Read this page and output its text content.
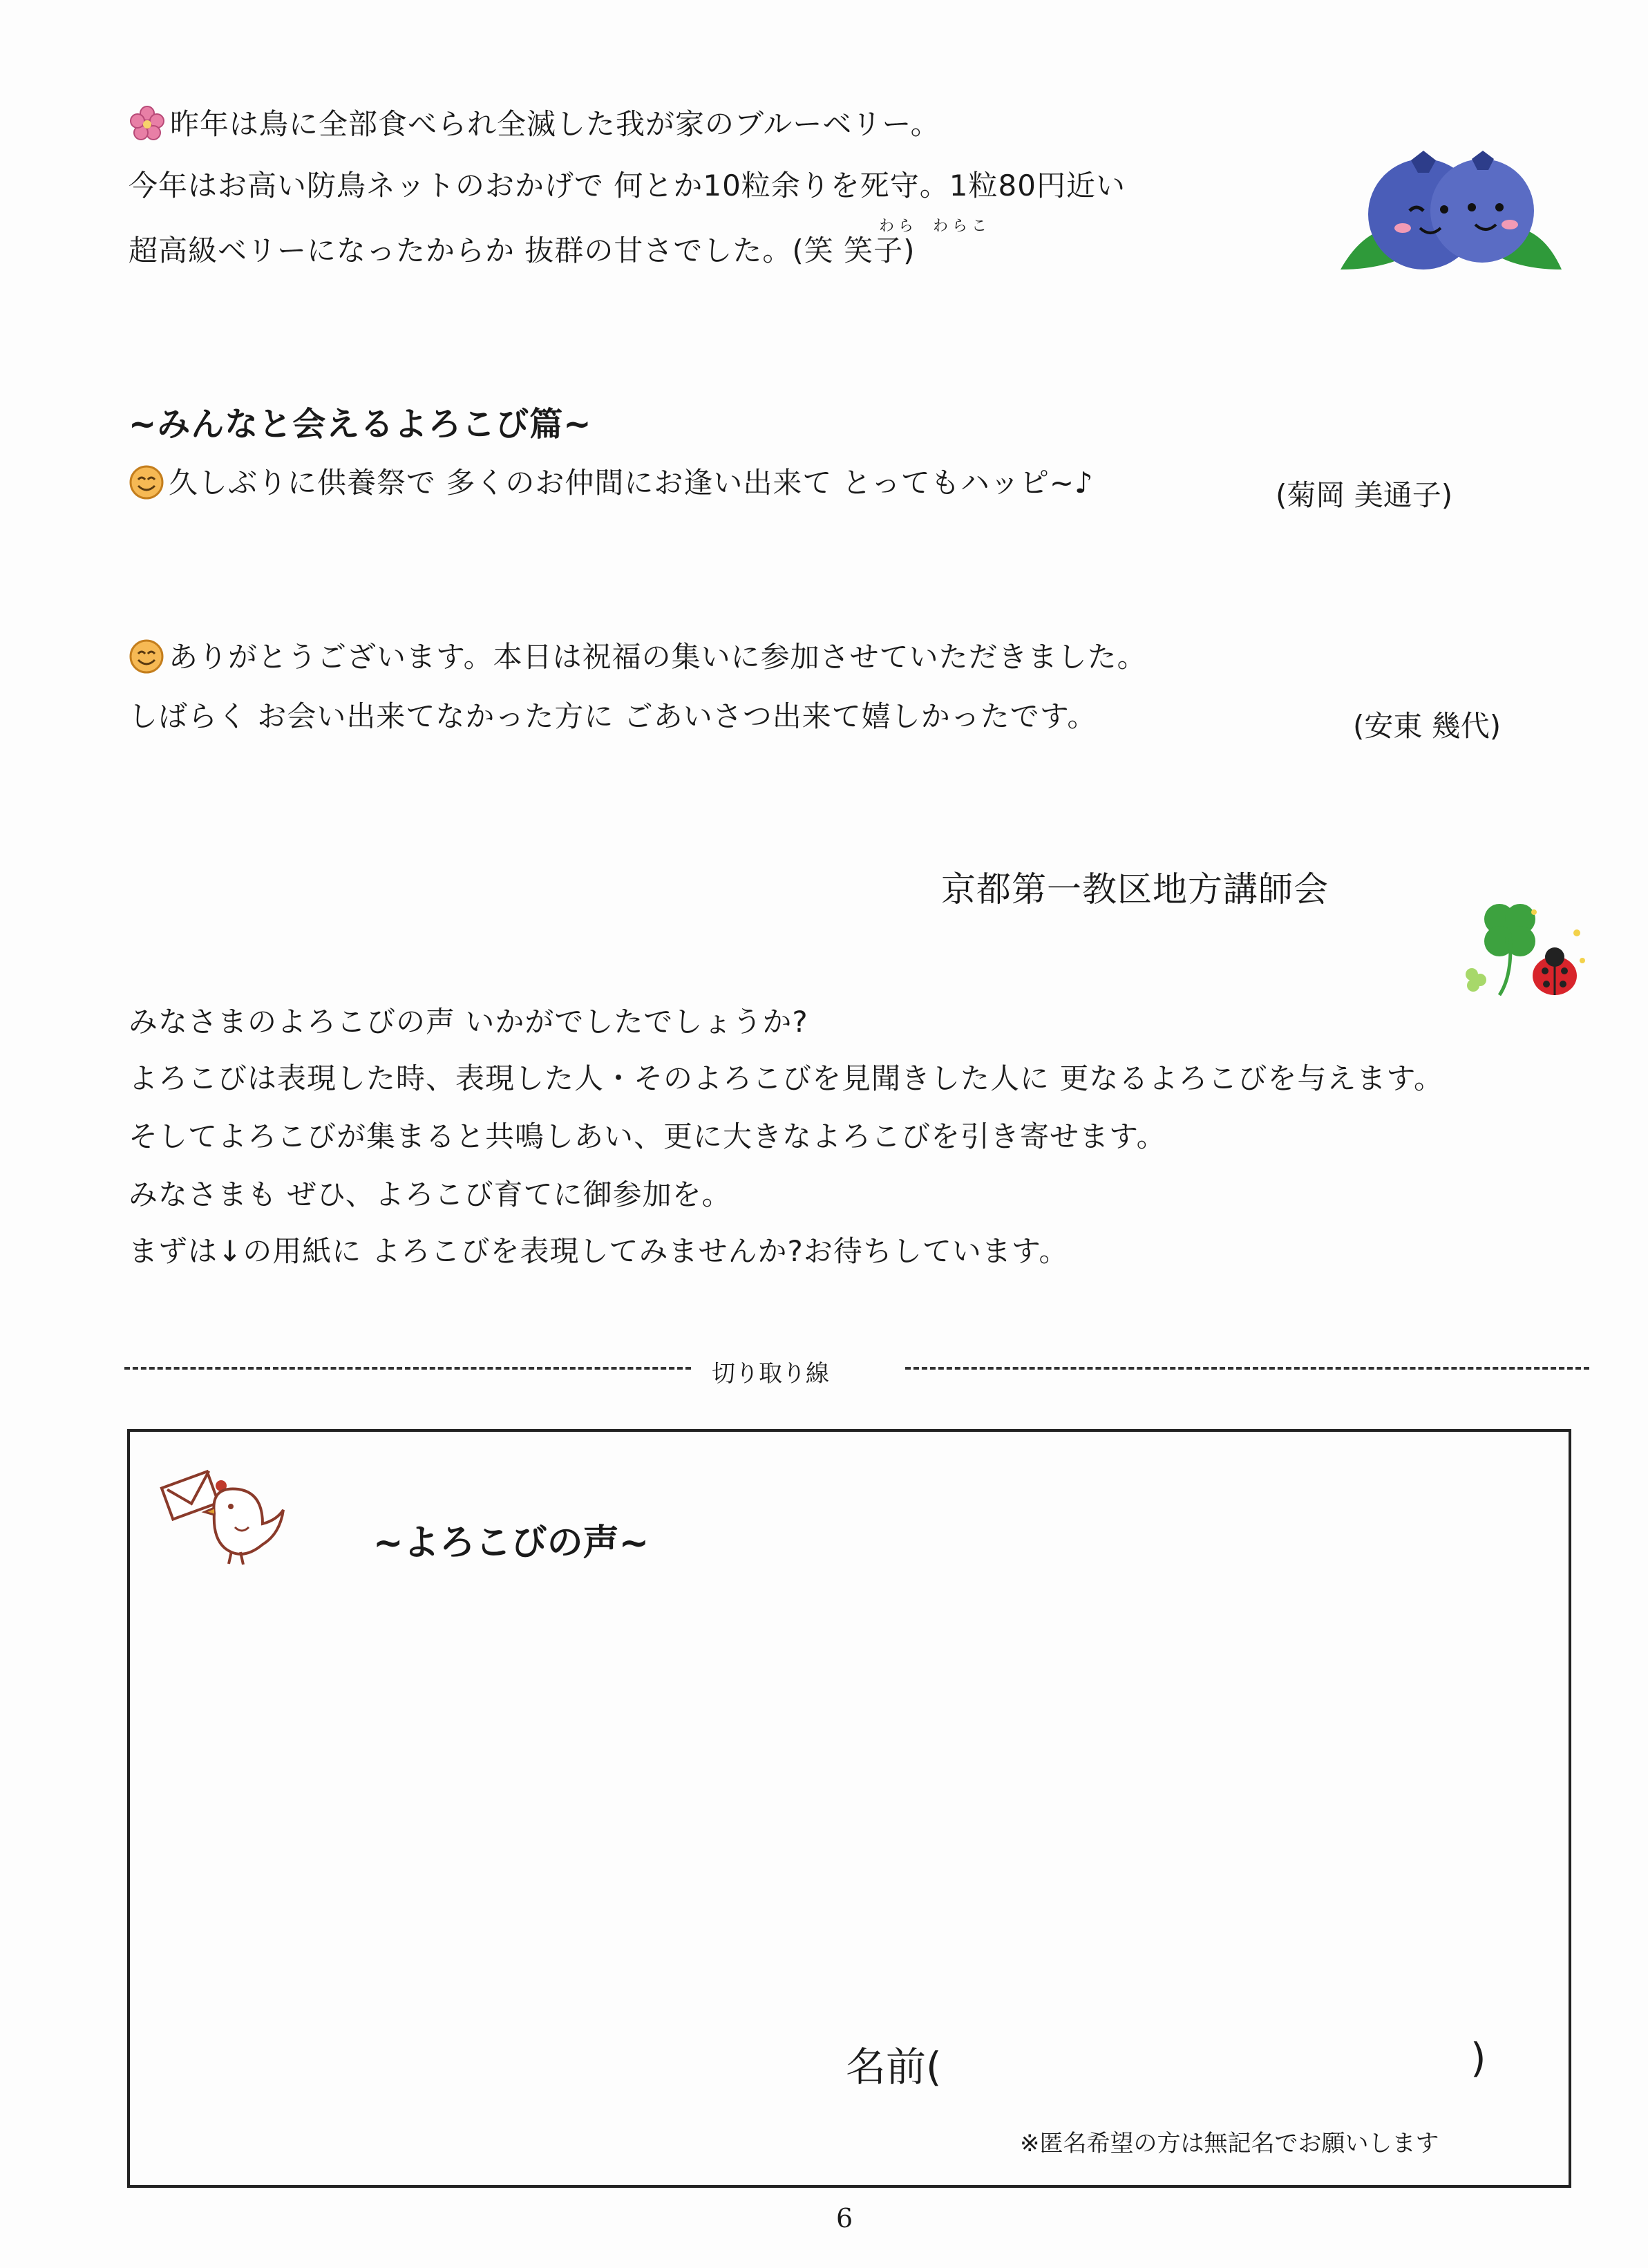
昨年は鳥に全部食べられ全滅した我が家のブルーベリー。
今年はお高い防鳥ネットのおかげで 何とか10粒余りを死守。1粒80円近い
わら わらこ
超高級ベリーになったからか 抜群の甘さでした。(笑 笑子)
~みんなと会えるよろこび篇~
久しぶりに供養祭で 多くのお仲間にお逢い出来て とってもハッピ~♪	(菊岡 美通子)
ありがとうございます。本日は祝福の集いに参加させていただきました。
しばらく お会い出来てなかった方に ごあいさつ出来て嬉しかったです。	(安東 幾代)
京都第一教区地方講師会
みなさまのよろこびの声 いかがでしたでしょうか?
よろこびは表現した時、表現した人・そのよろこびを見聞きした人に 更なるよろこびを与えます。
そしてよろこびが集まると共鳴しあい、更に大きなよろこびを引き寄せます。
みなさまも ぜひ、よろこび育てに御参加を。
まずは↓の用紙に よろこびを表現してみませんか?お待ちしています。
切り取り線
~よろこびの声~
名前(	)
※匿名希望の方は無記名でお願いします
6
